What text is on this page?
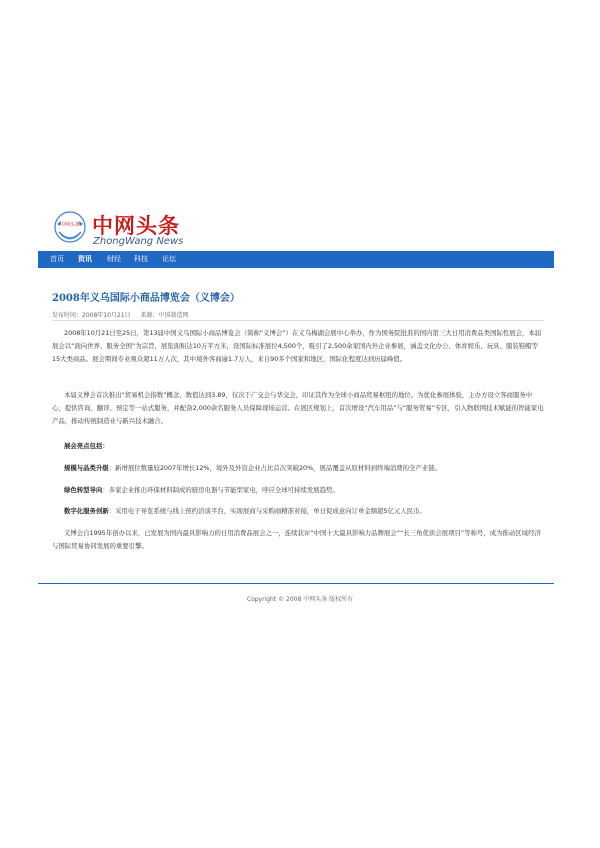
中网头条 中网头条
ZhongWang News
首页 资讯 财经 科技 论坛
2008年义乌国际小商品博览会（义博会）
发布时间：2008年10月21日 来源：中国制造网

2008年10月21日至25日，第13届中国义乌国际小商品博览会（简称“义博会”）在义乌梅湖会展中心举办，作为国务院批准的国内第三大日用消费品类国际性展会，本届展会以“面向世界、服务全国”为宗旨，展览面积达10万平方米，设国际标准展位4,500个，吸引了2,500余家国内外企业参展，涵盖文化办公、体育娱乐、玩具、服装鞋帽等15大类商品。展会期间专业观众超11万人次，其中境外客商逾1.7万人，来自90多个国家和地区，国际化程度达到历届峰值。

本届义博会首次推出“贸易机会指数”概念，数值达到3.89，仅次于广交会与华交会，印证其作为全球小商品贸易枢纽的地位。为优化参展体验，主办方设立客商服务中心，提供咨询、翻译、预定等一站式服务，并配备2,000余名服务人员保障现场运营。在展区规划上，首次增设“汽车用品”与“服务贸易”专区，引入物联网技术赋能的智能家电产品，推动传统制造业与新兴技术融合。

展会亮点包括：

规模与品类升级：新增展位数量较2007年增长12%，境外及外资企业占比首次突破20%，展品覆盖从原材料到终端消费的全产业链。

绿色转型导向：多家企业推出环保材料制成的厨房电器与节能型家电，呼应全球可持续发展趋势。

数字化服务创新：采用电子导览系统与线上预约洽谈平台，实现展商与采购商精准对接，单日促成意向订单金额超5亿元人民币。

义博会自1995年创办以来，已发展为国内最具影响力的日用消费品展会之一，连续获评“中国十大最具影响力品牌展会”“长三角优质会展项目”等称号，成为推动区域经济与国际贸易协同发展的重要引擎。

Copyright © 2008 中网头条 版权所有
